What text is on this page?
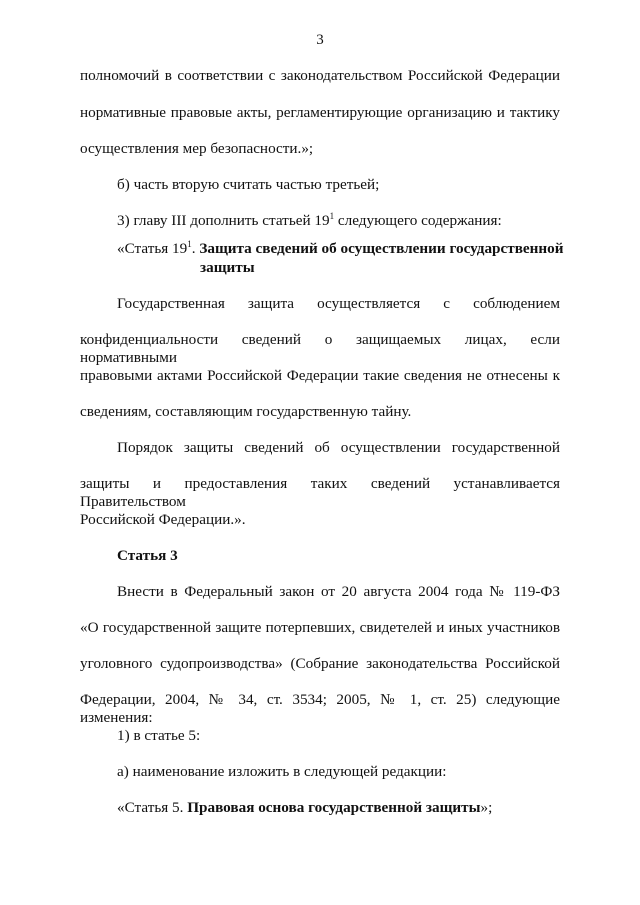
3
полномочий в соответствии с законодательством Российской Федерации
нормативные правовые акты, регламентирующие организацию и тактику
осуществления мер безопасности.»;
б) часть вторую считать частью третьей;
3) главу III дополнить статьей $19^1$ следующего содержания:
«Статья $19^1$. Защита сведений об осуществлении государственной
защиты
Государственная защита осуществляется с соблюдением
конфиденциальности сведений о защищаемых лицах, если нормативными
правовыми актами Российской Федерации такие сведения не отнесены к
сведениям, составляющим государственную тайну.
Порядок защиты сведений об осуществлении государственной
защиты и предоставления таких сведений устанавливается Правительством
Российской Федерации.».
Статья 3
Внести в Федеральный закон от 20 августа 2004 года № 119-ФЗ
«О государственной защите потерпевших, свидетелей и иных участников
уголовного судопроизводства» (Собрание законодательства Российской
Федерации, 2004, № 34, ст. 3534; 2005, № 1, ст. 25) следующие изменения:
1) в статье 5:
а) наименование изложить в следующей редакции:
«Статья 5. Правовая основа государственной защиты»;
